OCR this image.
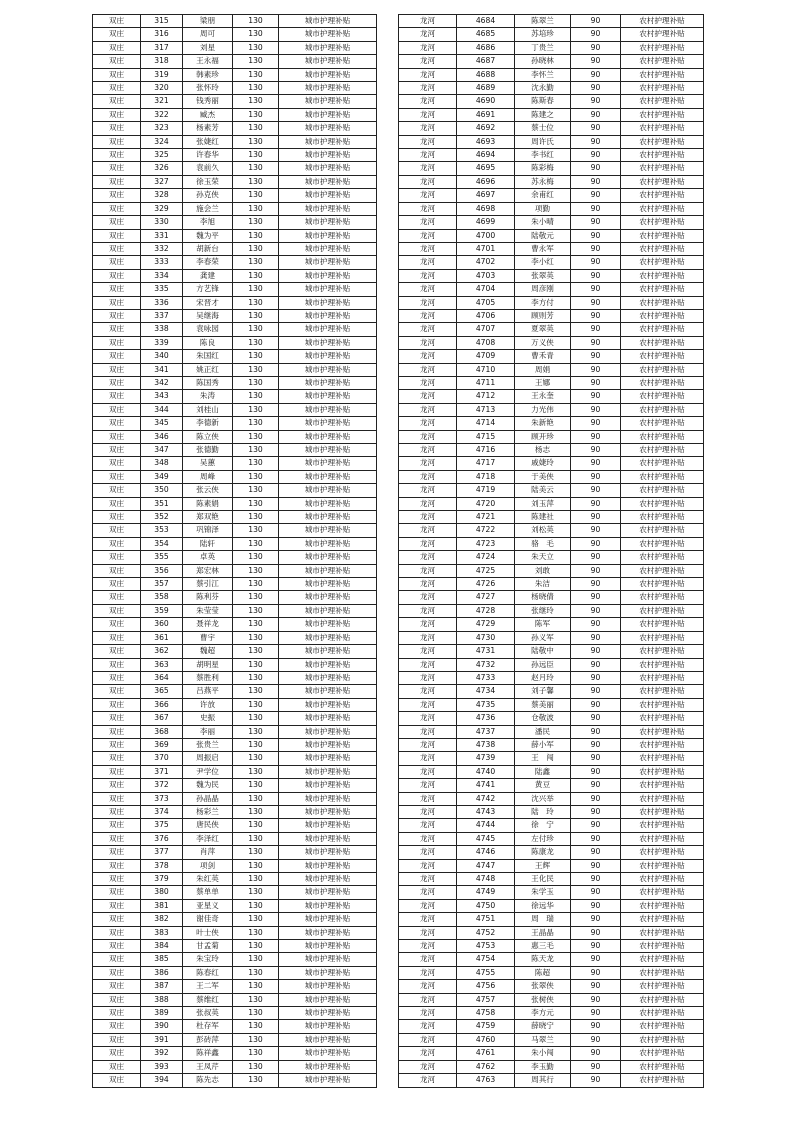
双庄	315	梁朋	130	城市护理补贴
双庄	316	周可	130	城市护理补贴
双庄	317	刘星	130	城市护理补贴
双庄	318	王永福	130	城市护理补贴
双庄	319	韩素珍	130	城市护理补贴
双庄	320	张怀玲	130	城市护理补贴
双庄	321	钱秀丽	130	城市护理补贴
双庄	322	臧杰	130	城市护理补贴
双庄	323	杨素芳	130	城市护理补贴
双庄	324	张婕红	130	城市护理补贴
双庄	325	许春华	130	城市护理补贴
双庄	326	袁前久	130	城市护理补贴
双庄	327	徐玉荣	130	城市护理补贴
双庄	328	孙克侠	130	城市护理补贴
双庄	329	施会兰	130	城市护理补贴
双庄	330	李旭	130	城市护理补贴
双庄	331	魏为平	130	城市护理补贴
双庄	332	胡新台	130	城市护理补贴
双庄	333	李春荣	130	城市护理补贴
双庄	334	龚建	130	城市护理补贴
双庄	335	方艺锋	130	城市护理补贴
双庄	336	宋晋才	130	城市护理补贴
双庄	337	吴继海	130	城市护理补贴
双庄	338	袁咏园	130	城市护理补贴
双庄	339	陈良	130	城市护理补贴
双庄	340	朱国红	130	城市护理补贴
双庄	341	姚正红	130	城市护理补贴
双庄	342	陈国秀	130	城市护理补贴
双庄	343	朱涛	130	城市护理补贴
双庄	344	刘桂山	130	城市护理补贴
双庄	345	李德新	130	城市护理补贴
双庄	346	陈立侠	130	城市护理补贴
双庄	347	张德勤	130	城市护理补贴
双庄	348	吴蕙	130	城市护理补贴
双庄	349	周峰	130	城市护理补贴
双庄	350	张云侠	130	城市护理补贴
双庄	351	陈素娟	130	城市护理补贴
双庄	352	郑双艳	130	城市护理补贴
双庄	353	巩锦泽	130	城市护理补贴
双庄	354	陆轩	130	城市护理补贴
双庄	355	卓英	130	城市护理补贴
双庄	356	郑宏林	130	城市护理补贴
双庄	357	蔡引江	130	城市护理补贴
双庄	358	陈利芬	130	城市护理补贴
双庄	359	朱莹莹	130	城市护理补贴
双庄	360	聂祥龙	130	城市护理补贴
双庄	361	曹宇	130	城市护理补贴
双庄	362	魏超	130	城市护理补贴
双庄	363	胡明星	130	城市护理补贴
双庄	364	蔡胜利	130	城市护理补贴
双庄	365	吕燕平	130	城市护理补贴
双庄	366	许放	130	城市护理补贴
双庄	367	史振	130	城市护理补贴
双庄	368	李丽	130	城市护理补贴
双庄	369	张贵兰	130	城市护理补贴
双庄	370	周振启	130	城市护理补贴
双庄	371	尹学位	130	城市护理补贴
双庄	372	魏为民	130	城市护理补贴
双庄	373	孙晶晶	130	城市护理补贴
双庄	374	杨彩兰	130	城市护理补贴
双庄	375	唐民侠	130	城市护理补贴
双庄	376	李泽红	130	城市护理补贴
双庄	377	肖萍	130	城市护理补贴
双庄	378	项剑	130	城市护理补贴
双庄	379	朱红英	130	城市护理补贴
双庄	380	蔡单单	130	城市护理补贴
双庄	381	亚星义	130	城市护理补贴
双庄	382	谢佳奇	130	城市护理补贴
双庄	383	叶士侠	130	城市护理补贴
双庄	384	甘孟菊	130	城市护理补贴
双庄	385	朱宝玲	130	城市护理补贴
双庄	386	陈春红	130	城市护理补贴
双庄	387	王二军	130	城市护理补贴
双庄	388	蔡维红	130	城市护理补贴
双庄	389	张叔英	130	城市护理补贴
双庄	390	杜存军	130	城市护理补贴
双庄	391	彭砖萍	130	城市护理补贴
双庄	392	陈祥鑫	130	城市护理补贴
双庄	393	王凤芹	130	城市护理补贴
双庄	394	陈先志	130	城市护理补贴
龙河	4684	陈翠兰	90	农村护理补贴
龙河	4685	苏培珍	90	农村护理补贴
龙河	4686	丁贵兰	90	农村护理补贴
龙河	4687	孙晓林	90	农村护理补贴
龙河	4688	李怀兰	90	农村护理补贴
龙河	4689	沈永勤	90	农村护理补贴
龙河	4690	陈斯春	90	农村护理补贴
龙河	4691	陈建之	90	农村护理补贴
龙河	4692	蔡士位	90	农村护理补贴
龙河	4693	周许氏	90	农村护理补贴
龙河	4694	李书红	90	农村护理补贴
龙河	4695	陈彩梅	90	农村护理补贴
龙河	4696	苏永梅	90	农村护理补贴
龙河	4697	余甫红	90	农村护理补贴
龙河	4698	项勤	90	农村护理补贴
龙河	4699	朱小晴	90	农村护理补贴
龙河	4700	陆敬元	90	农村护理补贴
龙河	4701	曹永军	90	农村护理补贴
龙河	4702	李小红	90	农村护理补贴
龙河	4703	张翠英	90	农村护理补贴
龙河	4704	周彦刚	90	农村护理补贴
龙河	4705	李方付	90	农村护理补贴
龙河	4706	顾则芳	90	农村护理补贴
龙河	4707	夏翠英	90	农村护理补贴
龙河	4708	万义侠	90	农村护理补贴
龙河	4709	曹禾青	90	农村护理补贴
龙河	4710	周娟	90	农村护理补贴
龙河	4711	王娜	90	农村护理补贴
龙河	4712	王永奎	90	农村护理补贴
龙河	4713	力光伟	90	农村护理补贴
龙河	4714	朱新艳	90	农村护理补贴
龙河	4715	顾开珍	90	农村护理补贴
龙河	4716	杨志	90	农村护理补贴
龙河	4717	戚婕玲	90	农村护理补贴
龙河	4718	于美侠	90	农村护理补贴
龙河	4719	陆美云	90	农村护理补贴
龙河	4720	刘玉萍	90	农村护理补贴
龙河	4721	陈建社	90	农村护理补贴
龙河	4722	刘松英	90	农村护理补贴
龙河	4723	骆　毛	90	农村护理补贴
龙河	4724	朱天立	90	农村护理补贴
龙河	4725	刘敢	90	农村护理补贴
龙河	4726	朱洁	90	农村护理补贴
龙河	4727	杨晓倩	90	农村护理补贴
龙河	4728	张继玲	90	农村护理补贴
龙河	4729	陈军	90	农村护理补贴
龙河	4730	孙义军	90	农村护理补贴
龙河	4731	陆敬中	90	农村护理补贴
龙河	4732	孙远臣	90	农村护理补贴
龙河	4733	赵月玲	90	农村护理补贴
龙河	4734	刘子馨	90	农村护理补贴
龙河	4735	蔡美丽	90	农村护理补贴
龙河	4736	仓敬波	90	农村护理补贴
龙河	4737	潘民	90	农村护理补贴
龙河	4738	薛小军	90	农村护理补贴
龙河	4739	王　闯	90	农村护理补贴
龙河	4740	陆鑫	90	农村护理补贴
龙河	4741	黄豆	90	农村护理补贴
龙河	4742	沈兴举	90	农村护理补贴
龙河	4743	陆　玲	90	农村护理补贴
龙河	4744	徐　宁	90	农村护理补贴
龙河	4745	左付珍	90	农村护理补贴
龙河	4746	陈康龙	90	农村护理补贴
龙河	4747	王辉	90	农村护理补贴
龙河	4748	王化民	90	农村护理补贴
龙河	4749	朱学玉	90	农村护理补贴
龙河	4750	徐远华	90	农村护理补贴
龙河	4751	周　瑞	90	农村护理补贴
龙河	4752	王晶晶	90	农村护理补贴
龙河	4753	惠三毛	90	农村护理补贴
龙河	4754	陈天龙	90	农村护理补贴
龙河	4755	陈超	90	农村护理补贴
龙河	4756	张翠侠	90	农村护理补贴
龙河	4757	张树侠	90	农村护理补贴
龙河	4758	李方元	90	农村护理补贴
龙河	4759	薛晓宁	90	农村护理补贴
龙河	4760	马翠兰	90	农村护理补贴
龙河	4761	朱小闯	90	农村护理补贴
龙河	4762	李玉勤	90	农村护理补贴
龙河	4763	周其行	90	农村护理补贴
